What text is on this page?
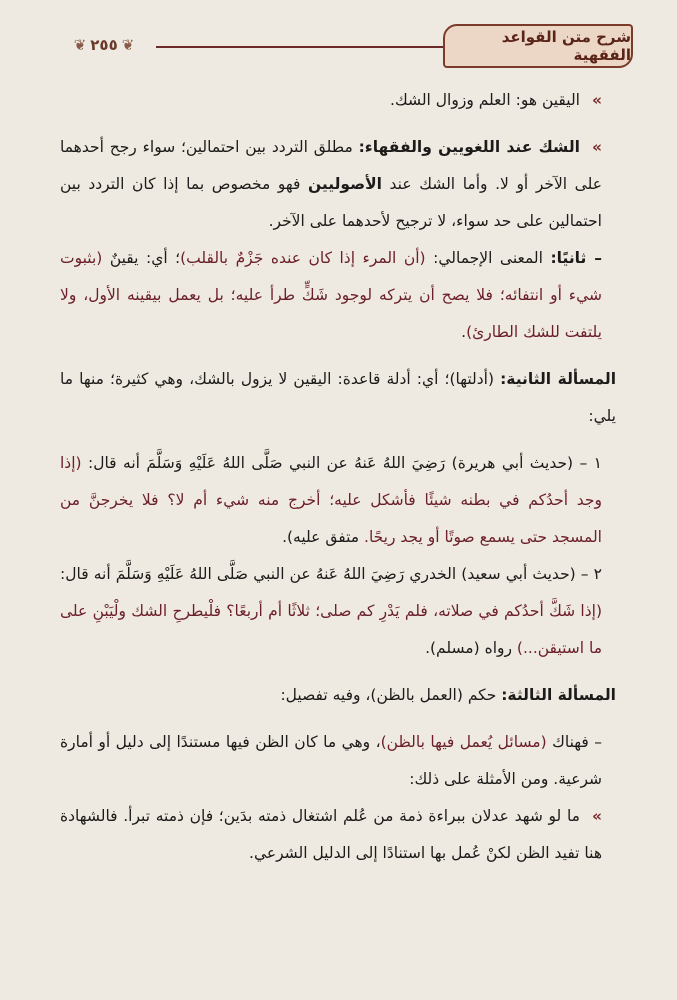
❦ ٢٥٥ ❦	شرح متن القواعد الفقهية

»اليقين هو: العلم وزوال الشك.

»الشك عند اللغويين والفقهاء: مطلق التردد بين احتمالين؛ سواء رجح أحدهما على الآخر أو لا. وأما الشك عند الأصوليين فهو مخصوص بما إذا كان التردد بين احتمالين على حد سواء، لا ترجيح لأحدهما على الآخر.

– ثانيًا: المعنى الإجمالي: (أن المرء إذا كان عنده جَزْمٌ بالقلب)؛ أي: يقينٌ (بثبوت شيء أو انتفائه؛ فلا يصح أن يتركه لوجود شَكٍّ طرأ عليه؛ بل يعمل بيقينه الأول، ولا يلتفت للشك الطارئ).

المسألة الثانية: (أدلتها)؛ أي: أدلة قاعدة: اليقين لا يزول بالشك، وهي كثيرة؛ منها ما يلي:

١ – (حديث أبي هريرة) رَضِيَ اللهُ عَنهُ عن النبي صَلَّى اللهُ عَلَيْهِ وَسَلَّمَ أنه قال: (إذا وجد أحدُكم في بطنه شيئًا فأشكل عليه؛ أخرج منه شيء أم لا؟ فلا يخرجنَّ من المسجد حتى يسمع صوتًا أو يجد ريحًا. متفق عليه).

٢ – (حديث أبي سعيد) الخدري رَضِيَ اللهُ عَنهُ عن النبي صَلَّى اللهُ عَلَيْهِ وَسَلَّمَ أنه قال: (إذا شَكَّ أحدُكم في صلاته، فلم يَدْرِ كم صلى؛ ثلاثًا أم أربعًا؟ فلْيطرحِ الشك ولْيَبْنِ على ما استيقن...) رواه (مسلم).

المسألة الثالثة: حكم (العمل بالظن)، وفيه تفصيل:

– فهناك (مسائل يُعمل فيها بالظن)، وهي ما كان الظن فيها مستندًا إلى دليل أو أمارة شرعية. ومن الأمثلة على ذلك:

»ما لو شهد عدلان ببراءة ذمة من عُلم اشتغال ذمته بدَين؛ فإن ذمته تبرأ. فالشهادة هنا تفيد الظن لكنْ عُمل بها استنادًا إلى الدليل الشرعي.
